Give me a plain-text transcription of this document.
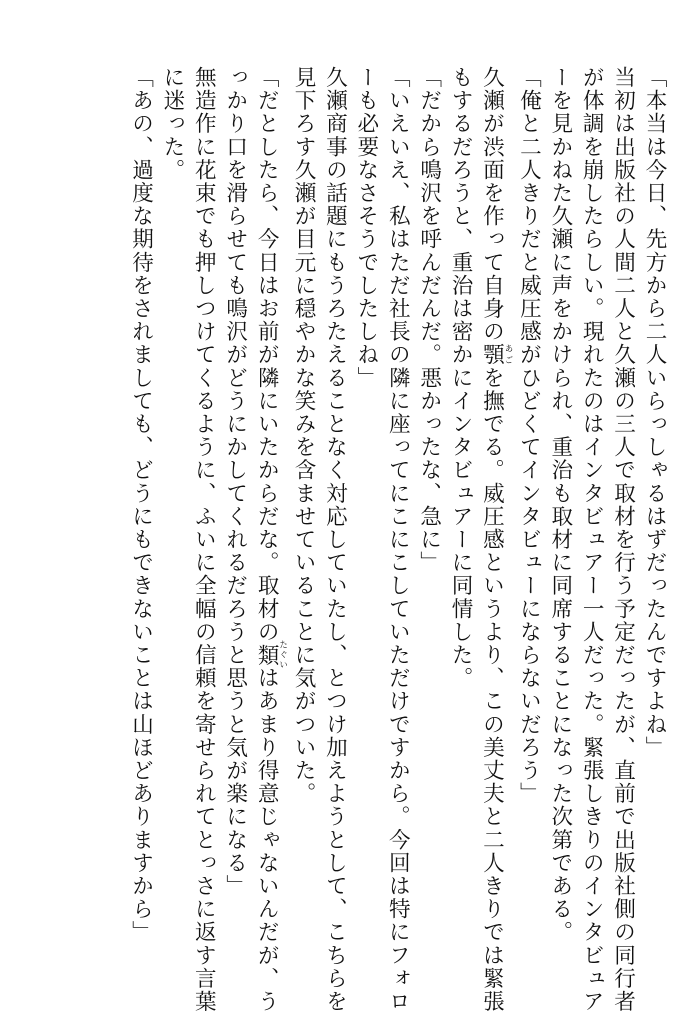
「本当は今日、先方から二人いらっしゃるはずだったんですよね」
当初は出版社の人間二人と久瀬の三人で取材を行う予定だったが、直前で出版社側の同行者
が体調を崩したらしい。現れたのはインタビュアー一人だった。緊張しきりのインタビュア
ーを見かねた久瀬に声をかけられ、重治も取材に同席することになった次第である。
「俺と二人きりだと威圧感がひどくてインタビューにならないだろう」
久瀬が渋面を作って自身の顎あごを撫でる。威圧感というより、この美丈夫と二人きりでは緊張
もするだろうと、重治は密かにインタビュアーに同情した。
「だから鳴沢を呼んだんだ。悪かったな、急に」
「いえいえ、私はただ社長の隣に座ってにこにこしていただけですから。今回は特にフォロ
ーも必要なさそうでしたしね」
久瀬商事の話題にもうろたえることなく対応していたし、とつけ加えようとして、こちらを
見下ろす久瀬が目元に穏やかな笑みを含ませていることに気がついた。
「だとしたら、今日はお前が隣にいたからだな。取材の類たぐいはあまり得意じゃないんだが、う
っかり口を滑らせても鳴沢がどうにかしてくれるだろうと思うと気が楽になる」
無造作に花束でも押しつけてくるように、ふいに全幅の信頼を寄せられてとっさに返す言葉
に迷った。
「あの、過度な期待をされましても、どうにもできないことは山ほどありますから」
